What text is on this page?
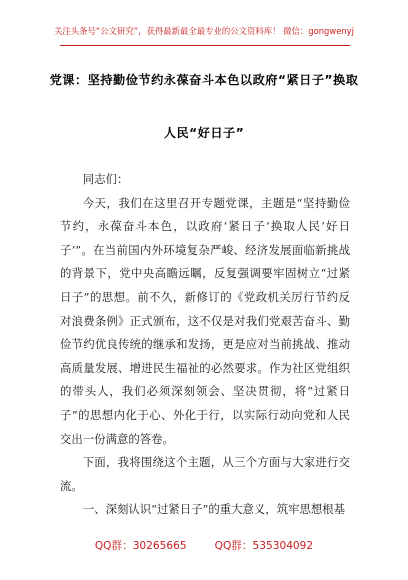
关注头条号“公文研究”，获得最新最全最专业的公文资料库！ 微信：gongwenyj
党课：坚持勤俭节约永葆奋斗本色以政府“紧日子”换取
人民“好日子”

同志们：

今天，我们在这里召开专题党课，主题是“坚持勤俭节约，永葆奋斗本色，以政府‘紧日子’换取人民‘好日子’”。在当前国内外环境复杂严峻、经济发展面临新挑战的背景下，党中央高瞻远瞩，反复强调要牢固树立“过紧日子”的思想。前不久，新修订的《党政机关厉行节约反对浪费条例》正式颁布，这不仅是对我们党艰苦奋斗、勤俭节约优良传统的继承和发扬，更是应对当前挑战、推动高质量发展、增进民生福祉的必然要求。作为社区党组织的带头人，我们必须深刻领会、坚决贯彻，将“过紧日子”的思想内化于心、外化于行，以实际行动向党和人民交出一份满意的答卷。

下面，我将围绕这个主题，从三个方面与大家进行交流。

一、深刻认识“过紧日子”的重大意义，筑牢思想根基

QQ群：30265665	QQ群：535304092
